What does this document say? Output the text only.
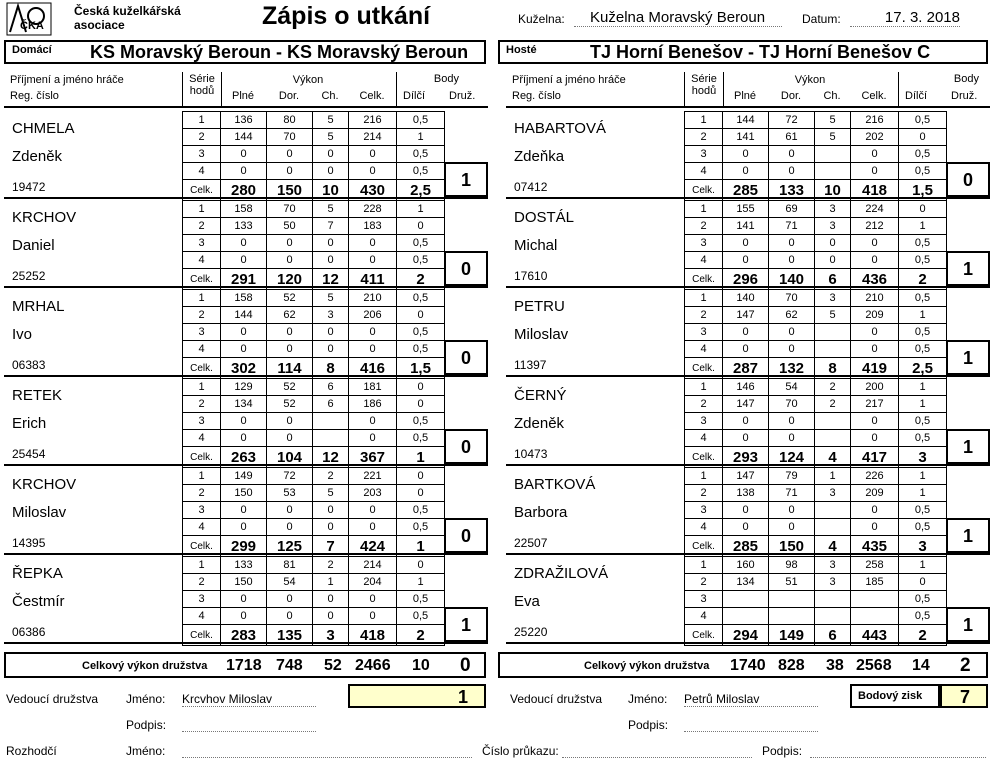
ČKA
Česká kuželkářská
asociace	Zápis o utkání	Kuželna:	Kuželna Moravský Beroun	Datum:	17. 3. 2018
Domácí KS Moravský Beroun - KS Moravský Beroun	Hosté	TJ Horní Benešov - TJ Horní Benešov C
Příjmení a jméno hráče
Reg. číslo
Série
hodů
Výkon
Plné	Dor.	Ch.	Celk.
Body
Dílčí Druž.
Příjmení a jméno hráče
Reg. číslo
Série
hodů
Výkon
Plné	Dor.	Ch.	Celk.
Body
Dílčí Druž.
CHMELA
Zdeněk
19472
1	136	80	5	216	0,5
2	144	70	5	214	1
3	0	0	0	0	0,5
4	0	0	0	0	0,5
Celk.	280	150	10	430	2,5	1
KRCHOV
Daniel
25252
1	158	70	5	228	1
2	133	50	7	183	0
3	0	0	0	0	0,5
4	0	0	0	0	0,5
Celk.	291	120	12	411	2	0
MRHAL
Ivo
06383
1	158	52	5	210	0,5
2	144	62	3	206	0
3	0	0	0	0	0,5
4	0	0	0	0	0,5
Celk.	302	114	8	416	1,5	0
RETEK
Erich
25454
1	129	52	6	181	0
2	134	52	6	186	0
3	0	0		0	0,5
4	0	0		0	0,5
Celk.	263	104	12	367	1	0
KRCHOV
Miloslav
14395
1	149	72	2	221	0
2	150	53	5	203	0
3	0	0	0	0	0,5
4	0	0	0	0	0,5
Celk.	299	125	7	424	1	0
ŘEPKA
Čestmír
06386
1	133	81	2	214	0
2	150	54	1	204	1
3	0	0	0	0	0,5
4	0	0	0	0	0,5
Celk.	283	135	3	418	2	1
HABARTOVÁ
Zdeňka
07412
1	144	72	5	216	0,5
2	141	61	5	202	0
3	0	0		0	0,5
4	0	0		0	0,5
Celk.	285	133	10	418	1,5	0
DOSTÁL
Michal
17610
1	155	69	3	224	0
2	141	71	3	212	1
3	0	0	0	0	0,5
4	0	0	0	0	0,5
Celk.	296	140	6	436	2	1
PETRU
Miloslav
11397
1	140	70	3	210	0,5
2	147	62	5	209	1
3	0	0		0	0,5
4	0	0		0	0,5
Celk.	287	132	8	419	2,5	1
ČERNÝ
Zdeněk
10473
1	146	54	2	200	1
2	147	70	2	217	1
3	0	0		0	0,5
4	0	0		0	0,5
Celk.	293	124	4	417	3	1
BARTKOVÁ
Barbora
22507
1	147	79	1	226	1
2	138	71	3	209	1
3	0	0		0	0,5
4	0	0		0	0,5
Celk.	285	150	4	435	3	1
ZDRAŽILOVÁ
Eva
25220
1	160	98	3	258	1
2	134	51	3	185	0
3					0,5
4					0,5
Celk.	294	149	6	443	2	1
Celkový výkon družstva 1718 748 52 2466 10 0	Celkový výkon družstva 1740 828 38 2568 14 2
Vedoucí družstva Jméno: Krcvhov Miloslav	1
Podpis:
Vedoucí družstva Jméno: Petrů Miloslav	Bodový zisk 7
Podpis:
Rozhodčí	Jméno:	Číslo průkazu:	Podpis:
